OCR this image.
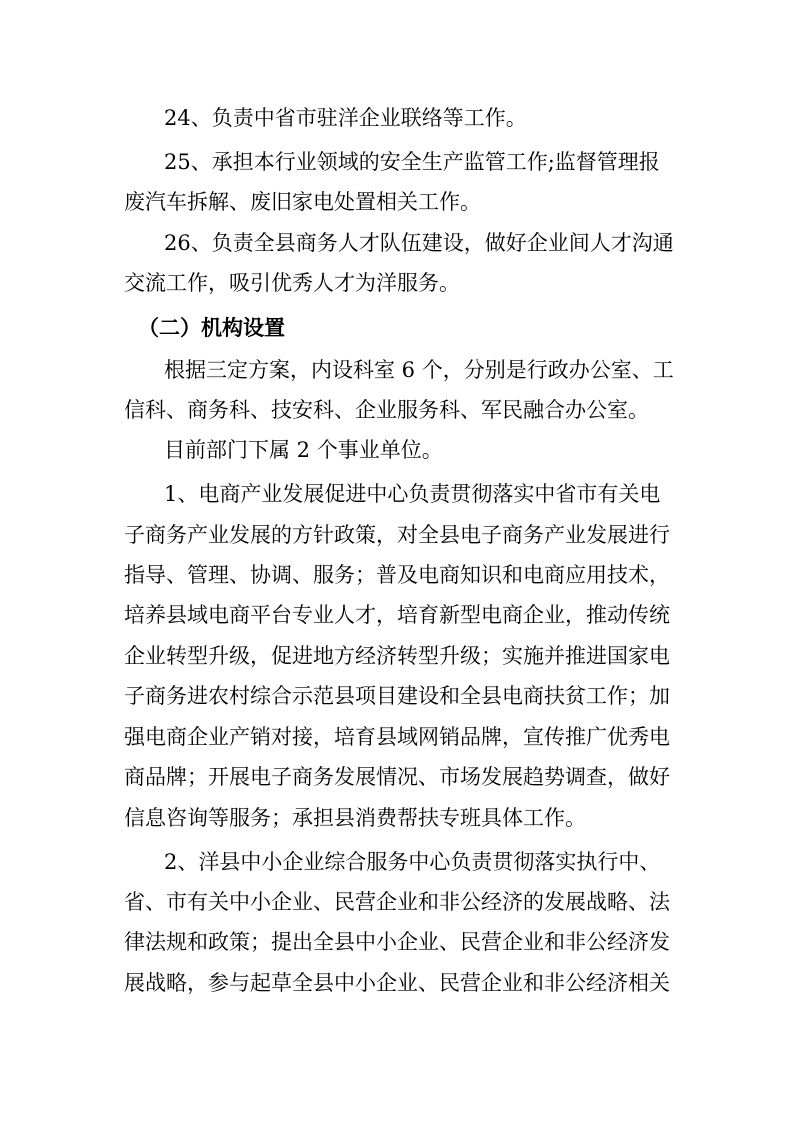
24、负责中省市驻洋企业联络等工作。
25、承担本行业领域的安全生产监管工作;监督管理报
废汽车拆解、废旧家电处置相关工作。
26、负责全县商务人才队伍建设，做好企业间人才沟通
交流工作，吸引优秀人才为洋服务。
（二）机构设置
根据三定方案，内设科室 6 个，分别是行政办公室、工
信科、商务科、技安科、企业服务科、军民融合办公室。
目前部门下属 2 个事业单位。
1、电商产业发展促进中心负责贯彻落实中省市有关电
子商务产业发展的方针政策，对全县电子商务产业发展进行
指导、管理、协调、服务；普及电商知识和电商应用技术，
培养县域电商平台专业人才，培育新型电商企业，推动传统
企业转型升级，促进地方经济转型升级；实施并推进国家电
子商务进农村综合示范县项目建设和全县电商扶贫工作；加
强电商企业产销对接，培育县域网销品牌，宣传推广优秀电
商品牌；开展电子商务发展情况、市场发展趋势调查，做好
信息咨询等服务；承担县消费帮扶专班具体工作。
2、洋县中小企业综合服务中心负责贯彻落实执行中、
省、市有关中小企业、民营企业和非公经济的发展战略、法
律法规和政策；提出全县中小企业、民营企业和非公经济发
展战略，参与起草全县中小企业、民营企业和非公经济相关
